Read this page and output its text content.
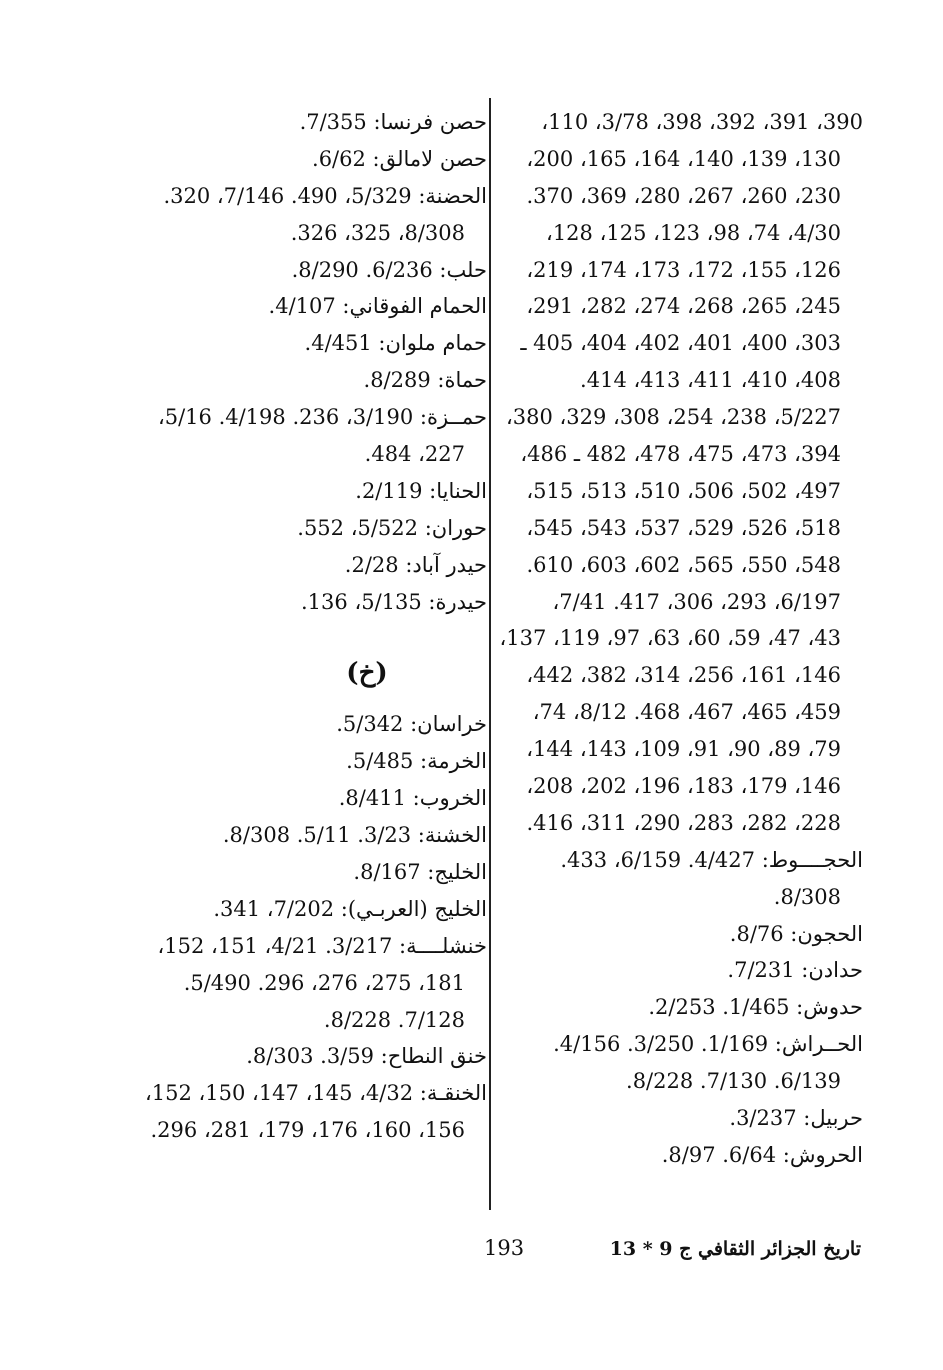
390، 391، 392، 398، 3/78، 110،
130، 139، 140، 164، 165، 200،
230، 260، 267، 280، 369، 370.
4/30، 74، 98، 123، 125، 128،
126، 155، 172، 173، 174، 219،
245، 265، 268، 274، 282، 291،
303، 400، 401، 402، 404، 405 ـ
408، 410، 411، 413، 414.
5/227، 238، 254، 308، 329، 380،
394، 473، 475، 478، 482 ـ 486،
497، 502، 506، 510، 513، 515،
518، 526، 529، 537، 543، 545،
548، 550، 565، 602، 603، 610.
6/197، 293، 306، 417. 7/41،
43، 47، 59، 60، 63، 97، 119، 137،
146، 161، 256، 314، 382، 442،
459، 465، 467، 468. 8/12، 74،
79، 89، 90، 91، 109، 143، 144،
146، 179، 183، 196، 202، 208،
228، 282، 283، 290، 311، 416.
الحجــــوط: 4/427. 6/159، 433.
8/308.
الحجون: 8/76.
حدادن: 7/231.
حدوش: 1/465. 2/253.
الحــراش: 1/169. 3/250. 4/156.
6/139. 7/130. 8/228.
حربيل: 3/237.
الحروش: 6/64. 8/97.
حصن فرنسا: 7/355.
حصن لامالق: 6/62.
الحضنة: 5/329، 490. 7/146، 320.
8/308، 325، 326.
حلب: 6/236. 8/290.
الحمام الفوقاني: 4/107.
حمام ملوان: 4/451.
حماة: 8/289.
حمــزة: 3/190، 236. 4/198. 5/16،
227، 484.
الحنايا: 2/119.
حوران: 5/522، 552.
حيدر آباد: 2/28.
حيدرة: 5/135، 136.
(خ)
خراسان: 5/342.
الخرمة: 5/485.
الخروب: 8/411.
الخشنة: 3/23. 5/11. 8/308.
الخليج: 8/167.
الخليج (العربـي): 7/202، 341.
خنشلــــة: 3/217. 4/21، 151، 152،
181، 275، 276، 296. 5/490.
7/128. 8/228.
خنق النطاح: 3/59. 8/303.
الخنقـة: 4/32، 145، 147، 150، 152،
156، 160، 176، 179، 281، 296.
193	تاريخ الجزائر الثقافي ج 9 * 13
